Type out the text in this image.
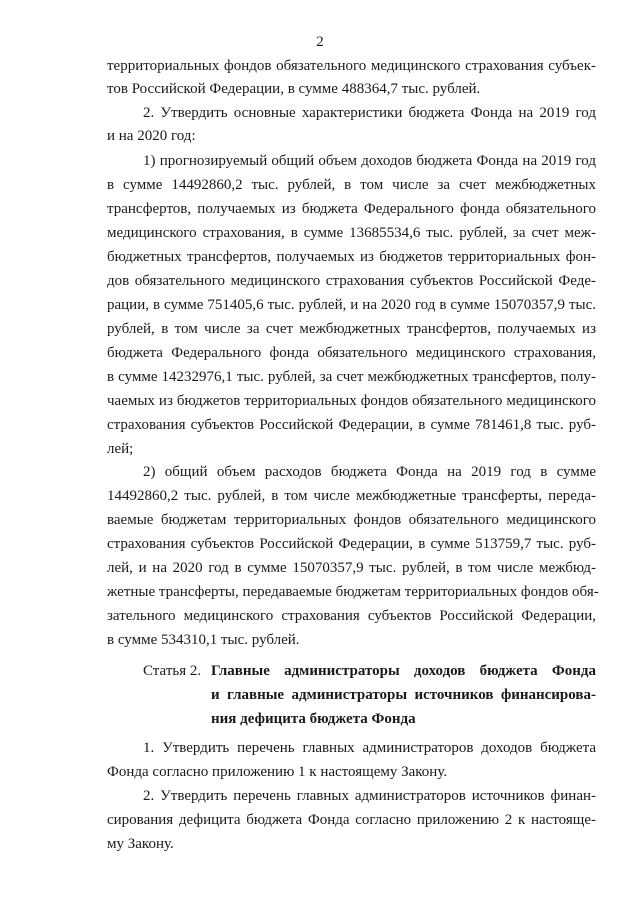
2
территориальных фондов обязательного медицинского страхования субъек-
тов Российской Федерации, в сумме 488364,7 тыс. рублей.
2. Утвердить основные характеристики бюджета Фонда на 2019 год
и на 2020 год:
1) прогнозируемый общий объем доходов бюджета Фонда на 2019 год
в сумме 14492860,2 тыс. рублей, в том числе за счет межбюджетных
трансфертов, получаемых из бюджета Федерального фонда обязательного
медицинского страхования, в сумме 13685534,6 тыс. рублей, за счет меж-
бюджетных трансфертов, получаемых из бюджетов территориальных фон-
дов обязательного медицинского страхования субъектов Российской Феде-
рации, в сумме 751405,6 тыс. рублей, и на 2020 год в сумме 15070357,9 тыс.
рублей, в том числе за счет межбюджетных трансфертов, получаемых из
бюджета Федерального фонда обязательного медицинского страхования,
в сумме 14232976,1 тыс. рублей, за счет межбюджетных трансфертов, полу-
чаемых из бюджетов территориальных фондов обязательного медицинского
страхования субъектов Российской Федерации, в сумме 781461,8 тыс. руб-
лей;
2) общий объем расходов бюджета Фонда на 2019 год в сумме
14492860,2 тыс. рублей, в том числе межбюджетные трансферты, переда-
ваемые бюджетам территориальных фондов обязательного медицинского
страхования субъектов Российской Федерации, в сумме 513759,7 тыс. руб-
лей, и на 2020 год в сумме 15070357,9 тыс. рублей, в том числе межбюд-
жетные трансферты, передаваемые бюджетам территориальных фондов обя-
зательного медицинского страхования субъектов Российской Федерации,
в сумме 534310,1 тыс. рублей.
Статья 2. Главные администраторы доходов бюджета Фонда
и главные администраторы источников финансирова-
ния дефицита бюджета Фонда
1. Утвердить перечень главных администраторов доходов бюджета
Фонда согласно приложению 1 к настоящему Закону.
2. Утвердить перечень главных администраторов источников финан-
сирования дефицита бюджета Фонда согласно приложению 2 к настояще-
му Закону.
